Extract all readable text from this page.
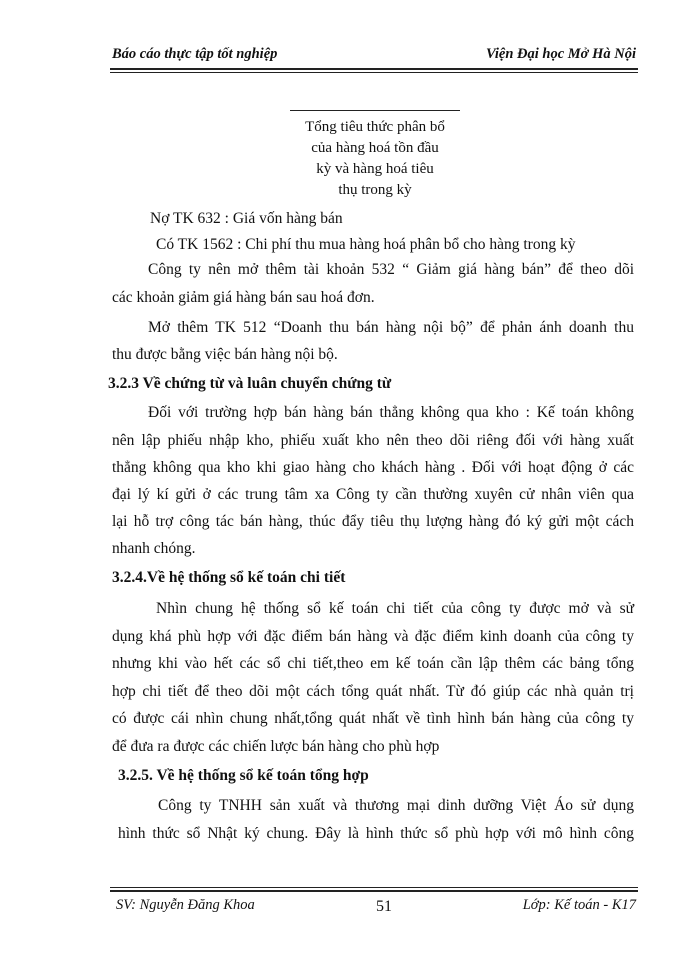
Báo cáo thực tập tốt nghiệp	Viện Đại học Mở Hà Nội
Tổng tiêu thức phân bổ
của hàng hoá tồn đầu
kỳ và hàng hoá tiêu
thụ trong kỳ
Nợ TK 632 : Giá vốn hàng bán
Có TK 1562 : Chi phí thu mua hàng hoá phân bổ cho hàng trong kỳ
Công ty nên mở thêm tài khoản 532 “ Giảm giá hàng bán” để theo dõi
các khoản giảm giá hàng bán sau hoá đơn.
Mở thêm TK 512 “Doanh thu bán hàng nội bộ” để phản ánh doanh thu
thu được bằng việc bán hàng nội bộ.
3.2.3 Về chứng từ và luân chuyển chứng từ
Đối với trường hợp bán hàng bán thẳng không qua kho : Kế toán không
nên lập phiếu nhập kho, phiếu xuất kho nên theo dõi riêng đối với hàng xuất
thẳng không qua kho khi giao hàng cho khách hàng . Đối với hoạt động ở các
đại lý kí gửi ở các trung tâm xa Công ty cần thường xuyên cử nhân viên qua
lại hỗ trợ công tác bán hàng, thúc đẩy tiêu thụ lượng hàng đó ký gửi một cách
nhanh chóng.
3.2.4.Về hệ thống sổ kế toán chi tiết
Nhìn chung hệ thống sổ kế toán chi tiết của công ty được mở và sử
dụng khá phù hợp với đặc điểm bán hàng và đặc điểm kinh doanh của công ty
nhưng khi vào hết các sổ chi tiết,theo em kế toán cần lập thêm các bảng tổng
hợp chi tiết để theo dõi một cách tổng quát nhất. Từ đó giúp các nhà quản trị
có được cái nhìn chung nhất,tổng quát nhất về tình hình bán hàng của công ty
để đưa ra được các chiến lược bán hàng cho phù hợp
3.2.5. Về hệ thống sổ kế toán tổng hợp
Công ty TNHH sản xuất và thương mại dinh dưỡng Việt Áo sử dụng
hình thức sổ Nhật ký chung. Đây là hình thức sổ phù hợp với mô hình công
SV: Nguyễn Đăng Khoa	51	Lớp: Kế toán - K17
